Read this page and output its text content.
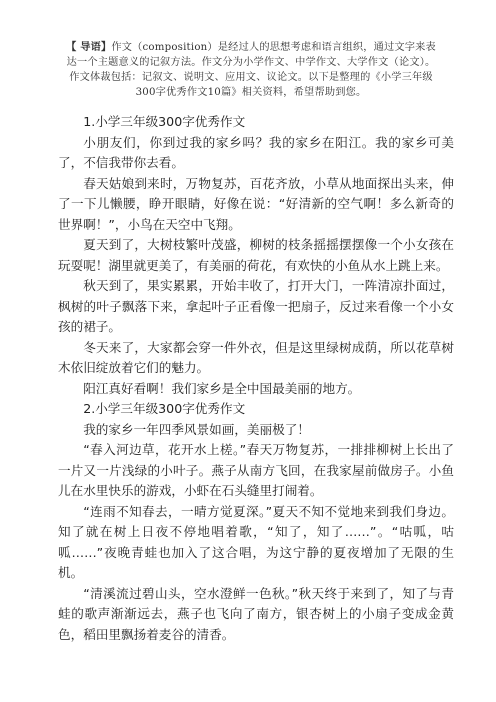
【 导语】作文（composition）是经过人的思想考虑和语言组织，通过文字来表达一个主题意义的记叙方法。作文分为小学作文、中学作文、大学作文（论文）。作文体裁包括：记叙文、说明文、应用文、议论文。以下是整理的《小学三年级300字优秀作文10篇》相关资料，希望帮助到您。

1.小学三年级300字优秀作文

小朋友们，你到过我的家乡吗？我的家乡在阳江。我的家乡可美了，不信我带你去看。

春天姑娘到来时，万物复苏，百花齐放，小草从地面探出头来，伸了一下儿懒腰，睁开眼睛，好像在说：“好清新的空气啊！多么新奇的世界啊！”，小鸟在天空中飞翔。

夏天到了，大树枝繁叶茂盛，柳树的枝条摇摇摆摆像一个小女孩在玩耍呢！湖里就更美了，有美丽的荷花，有欢快的小鱼从水上跳上来。

秋天到了，果实累累，开始丰收了，打开大门，一阵清凉扑面过，枫树的叶子飘落下来，拿起叶子正看像一把扇子，反过来看像一个小女孩的裙子。

冬天来了，大家都会穿一件外衣，但是这里绿树成荫，所以花草树木依旧绽放着它们的魅力。

阳江真好看啊！我们家乡是全中国最美丽的地方。

2.小学三年级300字优秀作文

我的家乡一年四季风景如画，美丽极了！

“春入河边草，花开水上槎。”春天万物复苏，一排排柳树上长出了一片又一片浅绿的小叶子。燕子从南方飞回，在我家屋前做房子。小鱼儿在水里快乐的游戏，小虾在石头缝里打闹着。

“连雨不知春去，一晴方觉夏深。”夏天不知不觉地来到我们身边。知了就在树上日夜不停地唱着歌，“知了，知了……”。“咕呱，咕呱……”夜晚青蛙也加入了这合唱，为这宁静的夏夜增加了无限的生机。

“清溪流过碧山头，空水澄鲜一色秋。”秋天终于来到了，知了与青蛙的歌声渐渐远去，燕子也飞向了南方，银杏树上的小扇子变成金黄色，稻田里飘扬着麦谷的清香。
